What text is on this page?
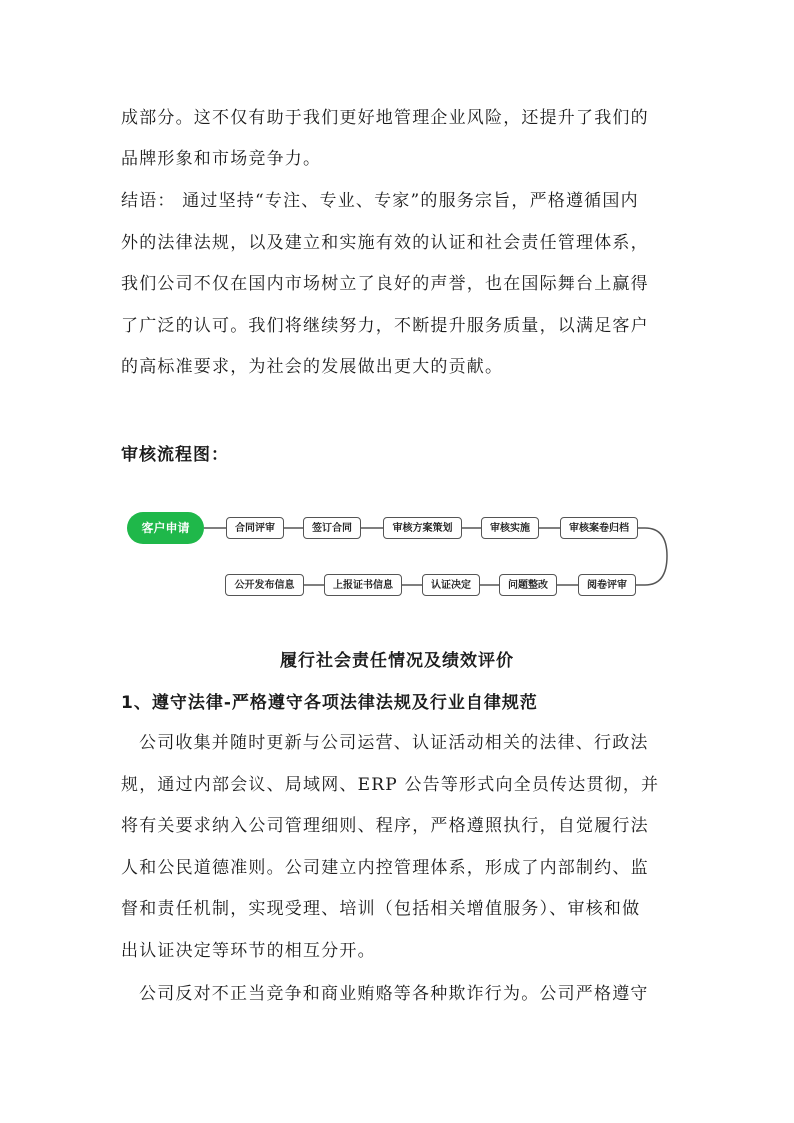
成部分。这不仅有助于我们更好地管理企业风险，还提升了我们的
品牌形象和市场竞争力。
结语： 通过坚持“专注、专业、专家”的服务宗旨，严格遵循国内
外的法律法规，以及建立和实施有效的认证和社会责任管理体系，
我们公司不仅在国内市场树立了良好的声誉，也在国际舞台上赢得
了广泛的认可。我们将继续努力，不断提升服务质量，以满足客户
的高标准要求，为社会的发展做出更大的贡献。
审核流程图：
客户申请	合同评审	签订合同	审核方案策划	审核实施	审核案卷归档
公开发布信息	上报证书信息	认证决定	问题整改	阅卷评审
履行社会责任情况及绩效评价
1、遵守法律-严格遵守各项法律法规及行业自律规范
公司收集并随时更新与公司运营、认证活动相关的法律、行政法
规，通过内部会议、局域网、ERP 公告等形式向全员传达贯彻，并
将有关要求纳入公司管理细则、程序，严格遵照执行，自觉履行法
人和公民道德准则。公司建立内控管理体系，形成了内部制约、监
督和责任机制，实现受理、培训（包括相关增值服务）、审核和做
出认证决定等环节的相互分开。
公司反对不正当竞争和商业贿赂等各种欺诈行为。公司严格遵守
